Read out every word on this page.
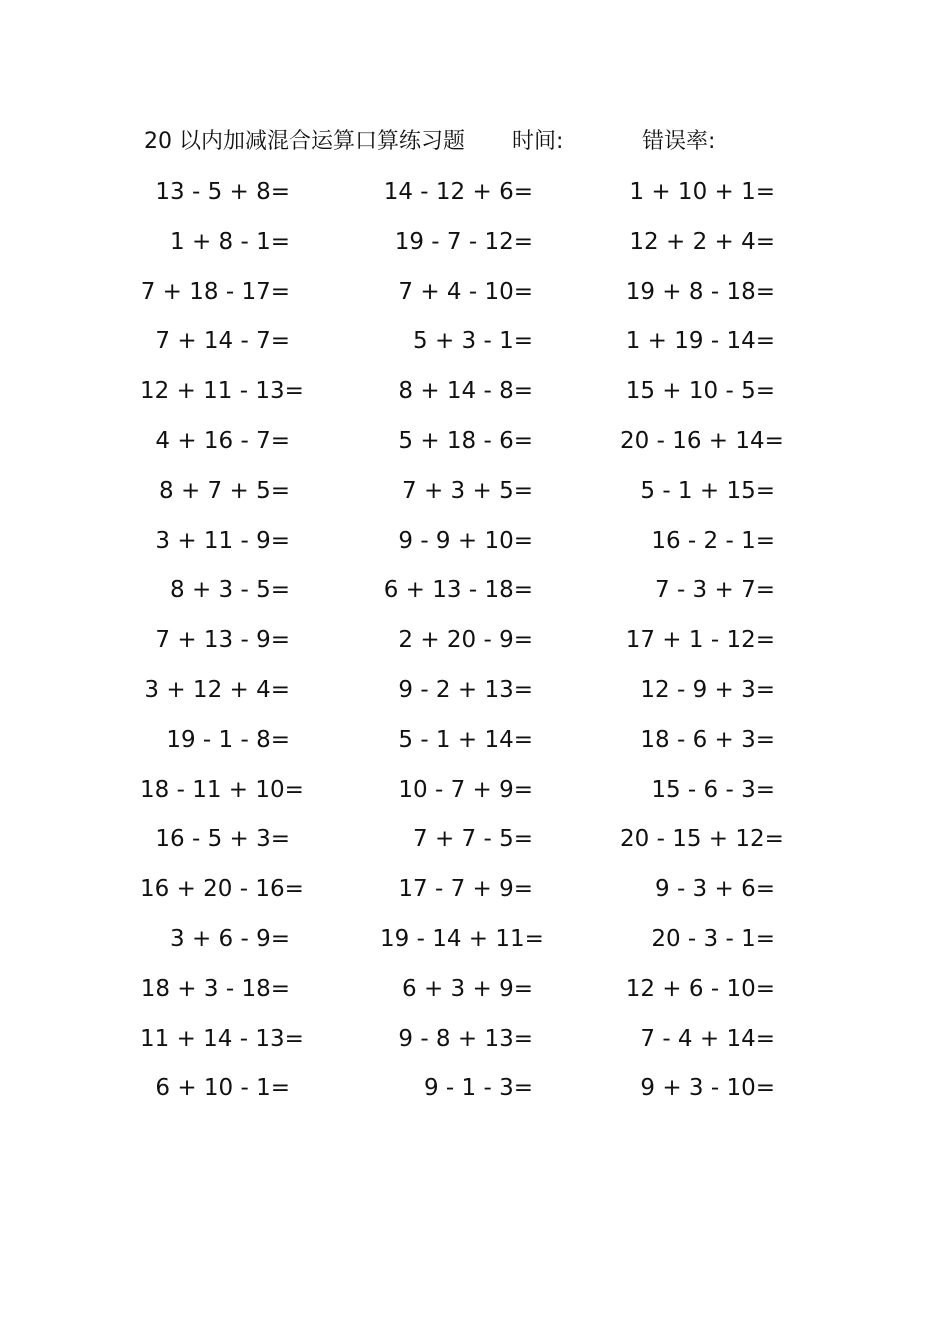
20 以内加减混合运算口算练习题 时间:	错误率:
13 - 5 + 8=	14 - 12 + 6=	1 + 10 + 1=
1 + 8 - 1=	19 - 7 - 12=	12 + 2 + 4=
7 + 18 - 17=	7 + 4 - 10=	19 + 8 - 18=
7 + 14 - 7=	5 + 3 - 1=	1 + 19 - 14=
12 + 11 - 13=	8 + 14 - 8=	15 + 10 - 5=
4 + 16 - 7=	5 + 18 - 6=	20 - 16 + 14=
8 + 7 + 5=	7 + 3 + 5=	5 - 1 + 15=
3 + 11 - 9=	9 - 9 + 10=	16 - 2 - 1=
8 + 3 - 5=	6 + 13 - 18=	7 - 3 + 7=
7 + 13 - 9=	2 + 20 - 9=	17 + 1 - 12=
3 + 12 + 4=	9 - 2 + 13=	12 - 9 + 3=
19 - 1 - 8=	5 - 1 + 14=	18 - 6 + 3=
18 - 11 + 10=	10 - 7 + 9=	15 - 6 - 3=
16 - 5 + 3=	7 + 7 - 5=	20 - 15 + 12=
16 + 20 - 16=	17 - 7 + 9=	9 - 3 + 6=
3 + 6 - 9=	19 - 14 + 11=	20 - 3 - 1=
18 + 3 - 18=	6 + 3 + 9=	12 + 6 - 10=
11 + 14 - 13=	9 - 8 + 13=	7 - 4 + 14=
6 + 10 - 1=	9 - 1 - 3=	9 + 3 - 10=
